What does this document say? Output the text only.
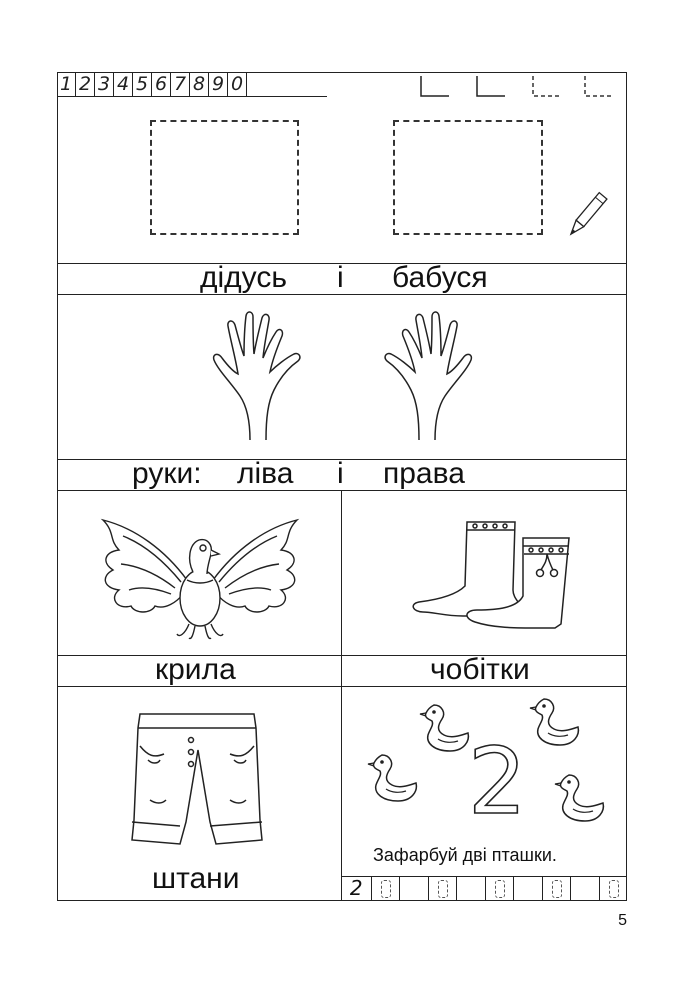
1 2 3 4 5 6 7 8 9 0
дідусь і бабуся
руки: ліва і права
крила	чобітки
штани
2
Зафарбуй дві пташки.
2
5
